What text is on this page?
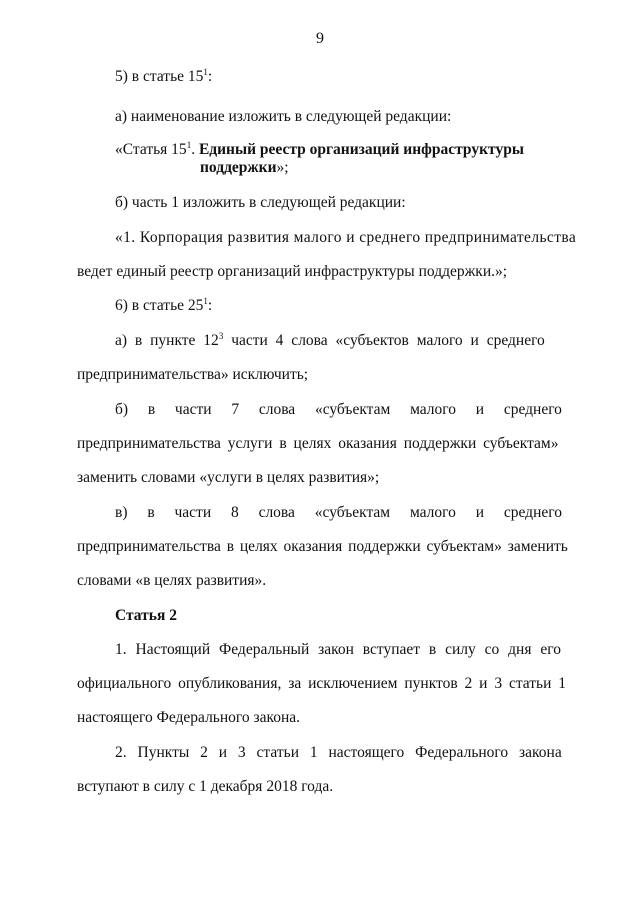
9
5) в статье $15^1$:
а) наименование изложить в следующей редакции:
«Статья $15^1$. Единый реестр организаций инфраструктуры
поддержки»;
б) часть 1 изложить в следующей редакции:
«1. Корпорация развития малого и среднего предпринимательства
ведет единый реестр организаций инфраструктуры поддержки.»;
6) в статье $25^1$:
а) в пункте $12^3$ части 4 слова «субъектов малого и среднего
предпринимательства» исключить;
б) в части 7 слова «субъектам малого и среднего
предпринимательства услуги в целях оказания поддержки субъектам»
заменить словами «услуги в целях развития»;
в) в части 8 слова «субъектам малого и среднего
предпринимательства в целях оказания поддержки субъектам» заменить
словами «в целях развития».
Статья 2
1. Настоящий Федеральный закон вступает в силу со дня его
официального опубликования, за исключением пунктов 2 и 3 статьи 1
настоящего Федерального закона.
2. Пункты 2 и 3 статьи 1 настоящего Федерального закона
вступают в силу с 1 декабря 2018 года.
